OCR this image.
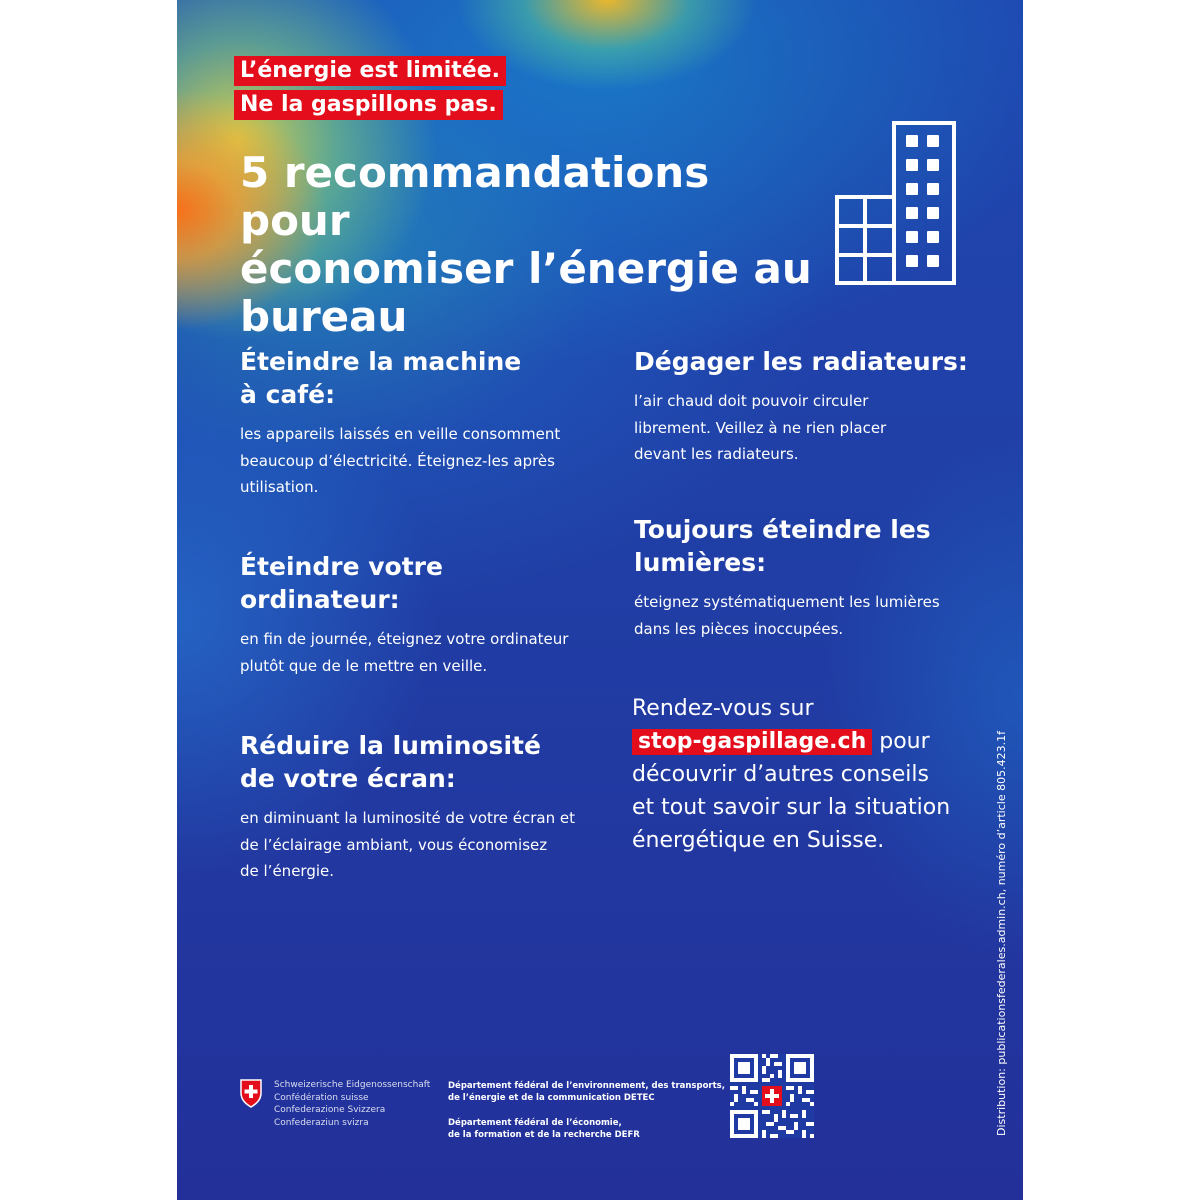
L’énergie est limitée.
Ne la gaspillons pas.
5 recommandations pour
économiser l’énergie au
bureau
Éteindre la machine
à café:

les appareils laissés en veille consomment
beaucoup d’électricité. Éteignez-les après
utilisation.

Éteindre votre
ordinateur:

en fin de journée, éteignez votre ordinateur
plutôt que de le mettre en veille.

Réduire la luminosité
de votre écran:

en diminuant la luminosité de votre écran et
de l’éclairage ambiant, vous économisez
de l’énergie.

Dégager les radiateurs:

l’air chaud doit pouvoir circuler
librement. Veillez à ne rien placer
devant les radiateurs.

Toujours éteindre les
lumières:

éteignez systématiquement les lumières
dans les pièces inoccupées.

Rendez-vous sur

stop-gaspillage.ch pour

découvrir d’autres conseils

et tout savoir sur la situation

énergétique en Suisse.

Schweizerische Eidgenossenschaft
Confédération suisse
Confederazione Svizzera
Confederaziun svizra
Département fédéral de l’environnement, des transports,
de l’énergie et de la communication DETEC
Département fédéral de l’économie,
de la formation et de la recherche DEFR	Distribution: publicationsfederales.admin.ch, numéro d’article 805.423.1f
